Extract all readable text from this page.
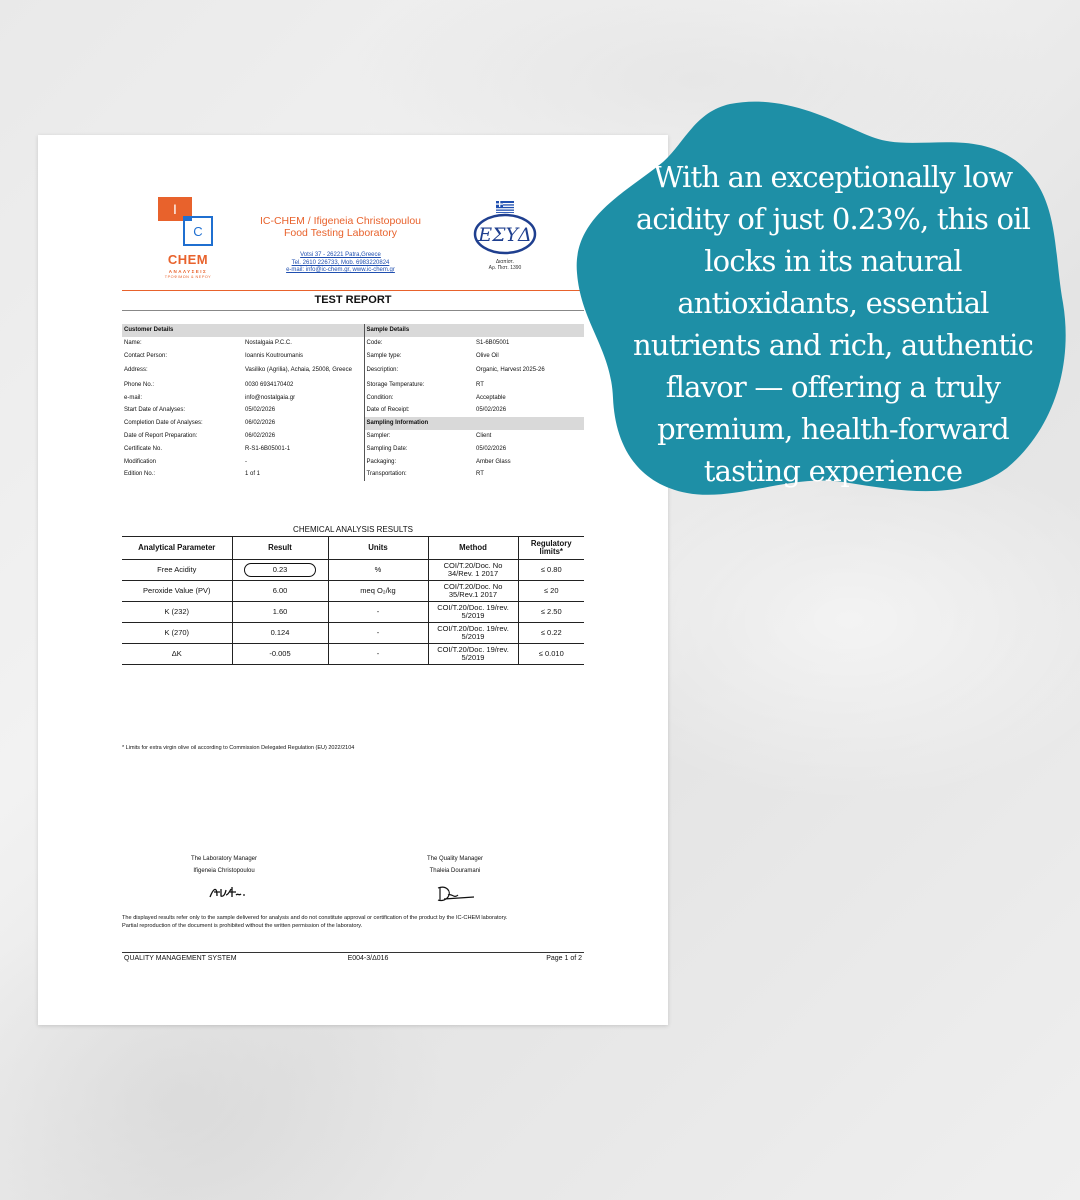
I
C
CHEM
ΑΝΑΛΥΣΕΙΣ
ΤΡΟΦΙΜΩΝ & ΝΕΡΟΥ
IC-CHEM / Ifigeneia Christopoulou
Food Testing Laboratory
Votsi 37 - 26221 Patra,Greece
Tel. 2610 226733, Mob. 6983220824
e-mail: info@ic-chem.gr, www.ic-chem.gr
ΕΣΥΔ
Διαπίστ.
Αρ. Πιστ. 1390
TEST REPORT
Customer Details		Sample Details	
Name:	Nostalgaia P.C.C.	Code:	S1-6B05001
Contact Person:	Ioannis Koutroumanis	Sample type:	Olive Oil
Address:	Vasiliko (Agrilia), Achaia, 25008, Greece	Description:	Organic, Harvest 2025-26
Phone No.:	0030 6934170402	Storage Temperature:	RT
e-mail:	info@nostalgaia.gr	Condition:	Acceptable
Start Date of Analyses:	05/02/2026	Date of Receipt:	05/02/2026
Completion Date of Analyses:	06/02/2026	Sampling Information	
Date of Report Preparation:	06/02/2026	Sampler:	Client
Certificate No.	R-S1-6B05001-1	Sampling Date:	05/02/2026
Modification	-	Packaging:	Amber Glass
Edition No.:	1 of 1	Transportation:	RT
CHEMICAL ANALYSIS RESULTS
Analytical Parameter	Result	Units	Method	Regulatory limits*
Free Acidity	0.23	%	COI/T.20/Doc. No 34/Rev. 1 2017	≤ 0.80
Peroxide Value (PV)	6.00	meq O₂/kg	COI/T.20/Doc. No 35/Rev.1 2017	≤ 20
K (232)	1.60	-	COI/T.20/Doc. 19/rev. 5/2019	≤ 2.50
K (270)	0.124	-	COI/T.20/Doc. 19/rev. 5/2019	≤ 0.22
ΔK	-0.005	-	COI/T.20/Doc. 19/rev. 5/2019	≤ 0.010
* Limits for extra virgin olive oil according to Commission Delegated Regulation (EU) 2022/2104
The Laboratory Manager
Ifigeneia Christopoulou
The Quality Manager
Thaleia Douramani
The displayed results refer only to the sample delivered for analysis and do not constitute approval or certification of the product by the IC-CHEM laboratory.
Partial reproduction of the document is prohibited without the written permission of the laboratory.
QUALITY MANAGEMENT SYSTEM	E004-3/Δ016	Page 1 of 2
With an exceptionally low acidity of just 0.23%, this oil locks in its natural antioxidants, essential nutrients and rich, authentic flavor — offering a truly premium, health-forward tasting experience
